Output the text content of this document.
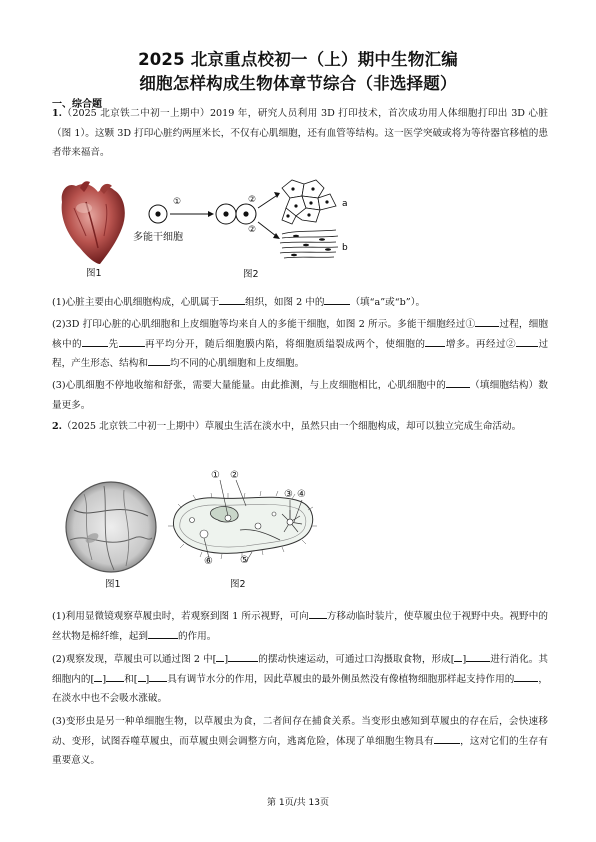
2025 北京重点校初一（上）期中生物汇编
细胞怎样构成生物体章节综合（非选择题）
一、综合题
1.（2025 北京铁二中初一上期中）2019 年，研究人员利用 3D 打印技术，首次成功用人体细胞打印出 3D 心脏（图 1）。这颗 3D 打印心脏约两厘米长，不仅有心肌细胞，还有血管等结构。这一医学突破或将为等待器官移植的患者带来福音。
图1
a
b
①	②
②
多能干细胞
图2
(1)心脏主要由心肌细胞构成，心肌属于	组织，如图 2 中的	（填“a”或“b”）。
(2)3D 打印心脏的心肌细胞和上皮细胞等均来自人的多能干细胞，如图 2 所示。多能干细胞经过①	过程，细胞核中的	先	再平均分开，随后细胞膜内陷，将细胞质缢裂成两个，使细胞的 增多。再经过② 过程，产生形态、结构和 均不同的心肌细胞和上皮细胞。
(3)心肌细胞不停地收缩和舒张，需要大量能量。由此推测，与上皮细胞相比，心肌细胞中的	（填细胞结构）数量更多。
2.（2025 北京铁二中初一上期中）草履虫生活在淡水中，虽然只由一个细胞构成，却可以独立完成生命活动。
图1
① ②
③ ④
⑤
⑥
图2
(1)利用显微镜观察草履虫时，若观察到图 1 所示视野，可向 方移动临时装片，使草履虫位于视野中央。视野中的丝状物是棉纤维，起到	的作用。
(2)观察发现，草履虫可以通过图 2 中[ ]	的摆动快速运动，可通过口沟摄取食物，形成[ ]	进行消化。其细胞内的[ ] 和[ ] 具有调节水分的作用，因此草履虫的最外侧虽然没有像植物细胞那样起支持作用的	，在淡水中也不会吸水涨破。
(3)变形虫是另一种单细胞生物，以草履虫为食，二者间存在捕食关系。当变形虫感知到草履虫的存在后，会快速移动、变形，试图吞噬草履虫，而草履虫则会调整方向，逃离危险，体现了单细胞生物具有	，这对它们的生存有重要意义。
第 1页/共 13页
